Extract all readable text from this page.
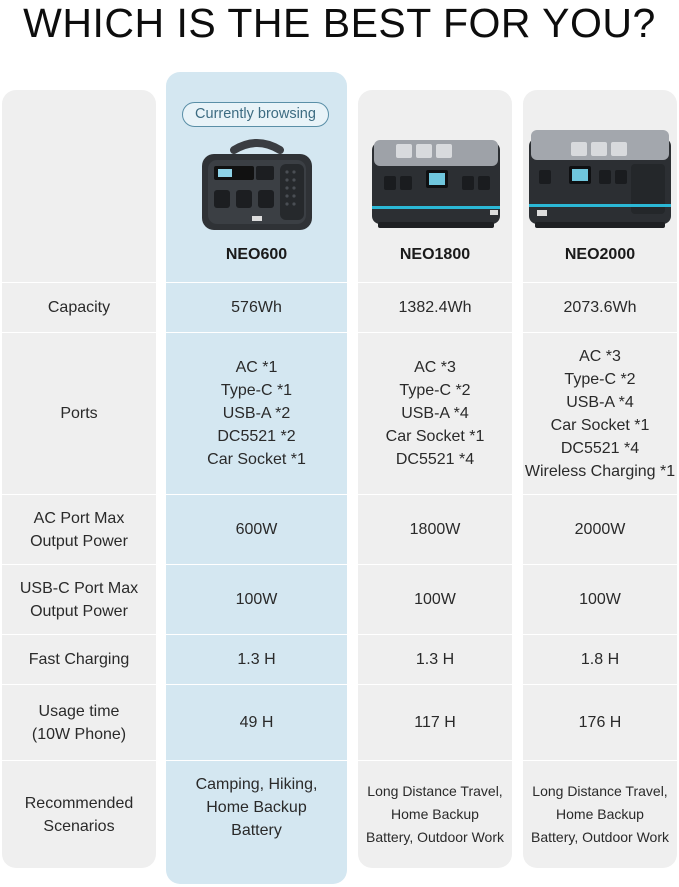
WHICH IS THE BEST FOR YOU?
Capacity
Ports
AC Port Max
Output Power
USB-C Port Max
Output Power
Fast Charging
Usage time
(10W Phone)
Recommended
Scenarios
Currently browsing
NEO600
576Wh
AC *1
Type-C *1
USB-A *2
DC5521 *2
Car Socket *1
600W
100W
1.3 H
49 H
Camping, Hiking,
Home Backup
Battery
NEO1800
1382.4Wh
AC *3
Type-C *2
USB-A *4
Car Socket *1
DC5521 *4
1800W
100W
1.3 H
117 H
Long Distance Travel,
Home Backup
Battery, Outdoor Work
NEO2000
2073.6Wh
AC *3
Type-C *2
USB-A *4
Car Socket *1
DC5521 *4
Wireless Charging *1
2000W
100W
1.8 H
176 H
Long Distance Travel,
Home Backup
Battery, Outdoor Work
